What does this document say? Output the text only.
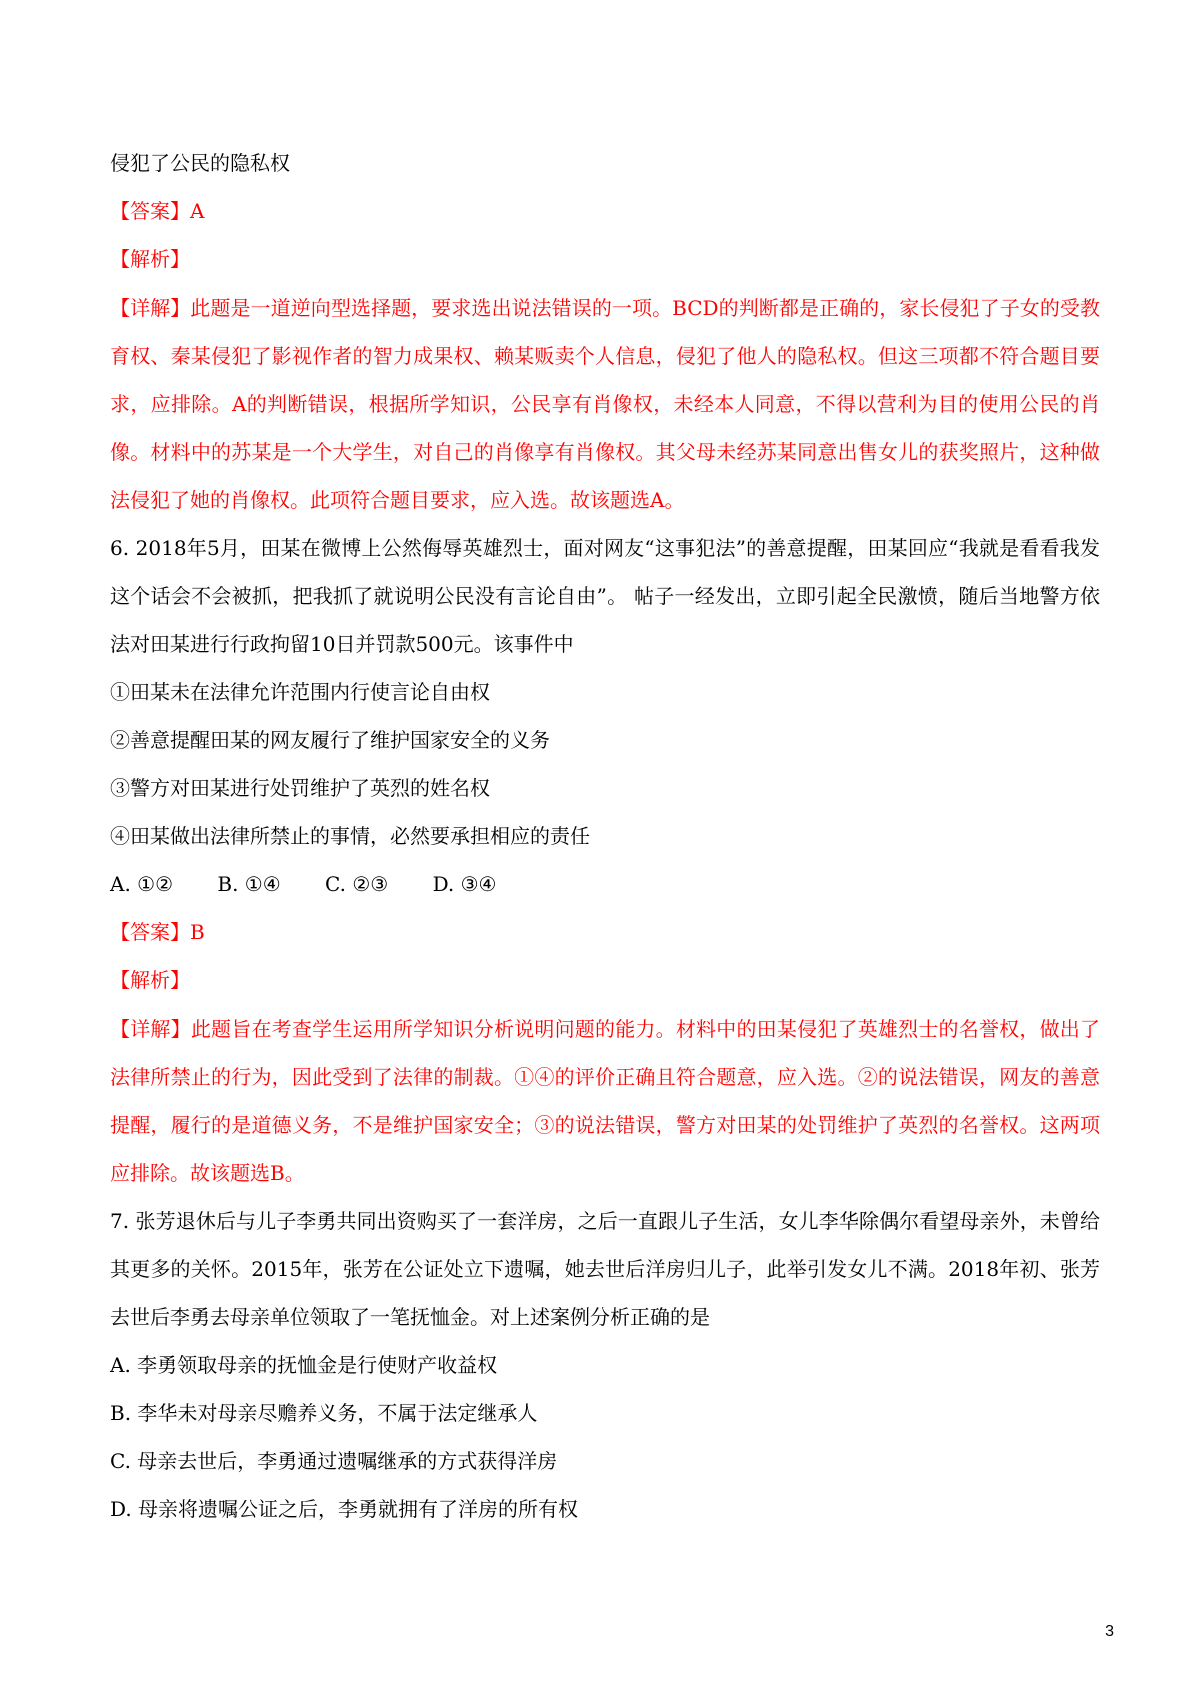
侵犯了公民的隐私权
【答案】A
【解析】
【详解】此题是一道逆向型选择题，要求选出说法错误的一项。BCD的判断都是正确的，家长侵犯了子女的受教育权、秦某侵犯了影视作者的智力成果权、赖某贩卖个人信息，侵犯了他人的隐私权。但这三项都不符合题目要求，应排除。A的判断错误，根据所学知识，公民享有肖像权，未经本人同意，不得以营利为目的使用公民的肖像。材料中的苏某是一个大学生，对自己的肖像享有肖像权。其父母未经苏某同意出售女儿的获奖照片，这种做法侵犯了她的肖像权。此项符合题目要求，应入选。故该题选A。
6. 2018年5月，田某在微博上公然侮辱英雄烈士，面对网友“这事犯法”的善意提醒，田某回应“我就是看看我发这个话会不会被抓，把我抓了就说明公民没有言论自由”。 帖子一经发出，立即引起全民激愤，随后当地警方依法对田某进行行政拘留10日并罚款500元。该事件中
①田某未在法律允许范围内行使言论自由权
②善意提醒田某的网友履行了维护国家安全的义务
③警方对田某进行处罚维护了英烈的姓名权
④田某做出法律所禁止的事情，必然要承担相应的责任
A. ①② B. ①④ C. ②③ D. ③④
【答案】B
【解析】
【详解】此题旨在考查学生运用所学知识分析说明问题的能力。材料中的田某侵犯了英雄烈士的名誉权，做出了法律所禁止的行为，因此受到了法律的制裁。①④的评价正确且符合题意，应入选。②的说法错误，网友的善意提醒，履行的是道德义务，不是维护国家安全；③的说法错误，警方对田某的处罚维护了英烈的名誉权。这两项应排除。故该题选B。
7. 张芳退休后与儿子李勇共同出资购买了一套洋房，之后一直跟儿子生活，女儿李华除偶尔看望母亲外，未曾给其更多的关怀。2015年，张芳在公证处立下遗嘱，她去世后洋房归儿子，此举引发女儿不满。2018年初、张芳去世后李勇去母亲单位领取了一笔抚恤金。对上述案例分析正确的是
A. 李勇领取母亲的抚恤金是行使财产收益权
B. 李华未对母亲尽赡养义务，不属于法定继承人
C. 母亲去世后，李勇通过遗嘱继承的方式获得洋房
D. 母亲将遗嘱公证之后，李勇就拥有了洋房的所有权
3
